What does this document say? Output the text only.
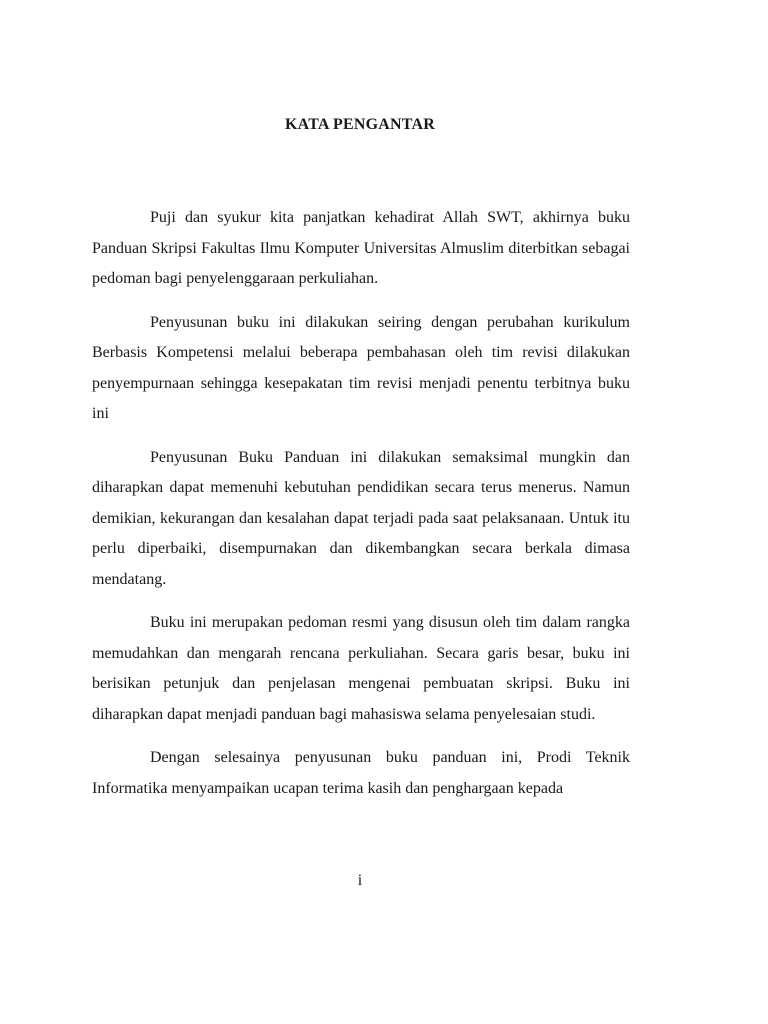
KATA PENGANTAR

Puji dan syukur kita panjatkan kehadirat Allah SWT, akhirnya buku Panduan Skripsi Fakultas Ilmu Komputer Universitas Almuslim diterbitkan sebagai pedoman bagi penyelenggaraan perkuliahan.

Penyusunan buku ini dilakukan seiring dengan perubahan kurikulum Berbasis Kompetensi melalui beberapa pembahasan oleh tim revisi dilakukan penyempurnaan sehingga kesepakatan tim revisi menjadi penentu terbitnya buku ini

Penyusunan Buku Panduan ini dilakukan semaksimal mungkin dan diharapkan dapat memenuhi kebutuhan pendidikan secara terus menerus. Namun demikian, kekurangan dan kesalahan dapat terjadi pada saat pelaksanaan. Untuk itu perlu diperbaiki, disempurnakan dan dikembangkan secara berkala dimasa mendatang.

Buku ini merupakan pedoman resmi yang disusun oleh tim dalam rangka memudahkan dan mengarah rencana perkuliahan. Secara garis besar, buku ini berisikan petunjuk dan penjelasan mengenai pembuatan skripsi. Buku ini diharapkan dapat menjadi panduan bagi mahasiswa selama penyelesaian studi.

Dengan selesainya penyusunan buku panduan ini, Prodi Teknik Informatika menyampaikan ucapan terima kasih dan penghargaan kepada

i
